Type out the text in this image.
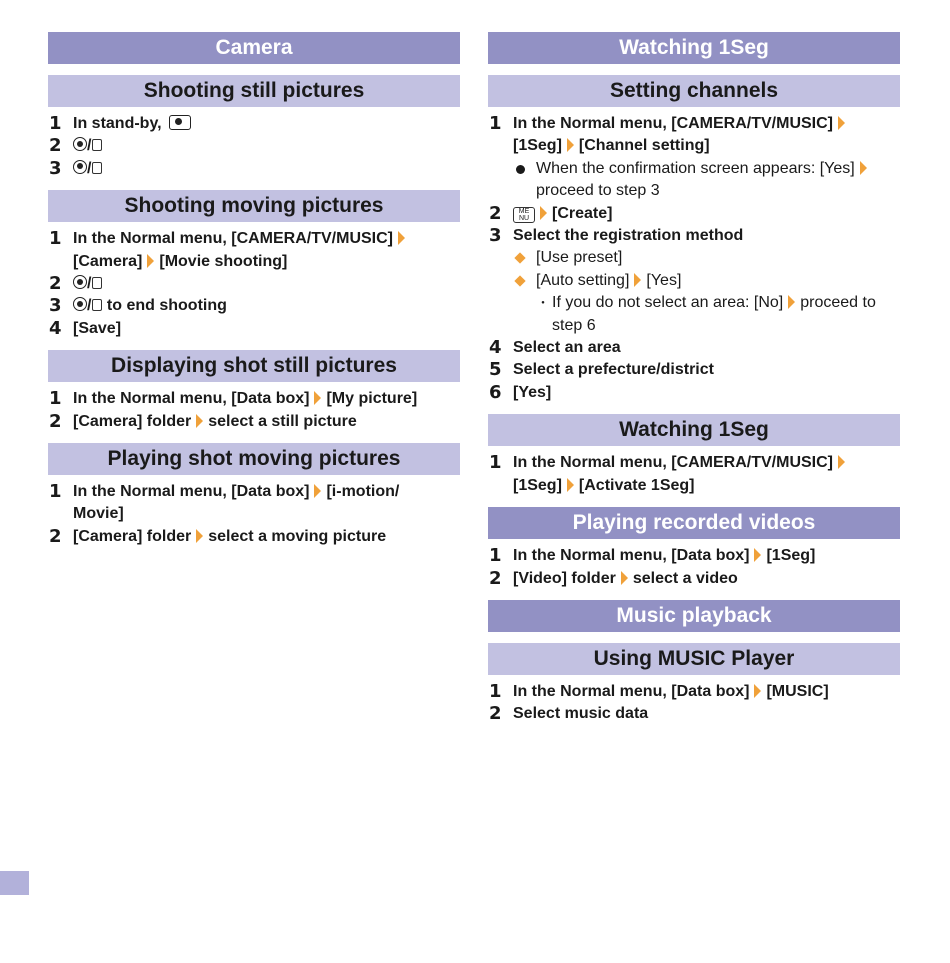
Camera
Shooting still pictures
1 In stand-by,
2 /
3 /
Shooting moving pictures
1 In the Normal menu, [CAMERA/TV/MUSIC]
[Camera] [Movie shooting]
2 /
3 / to end shooting
4 [Save]
Displaying shot still pictures
1 In the Normal menu, [Data box] [My picture]
2 [Camera] folder select a still picture
Playing shot moving pictures
1 In the Normal menu, [Data box] [i-motion/
Movie]
2 [Camera] folder select a moving picture
Watching 1Seg
Setting channels
1 In the Normal menu, [CAMERA/TV/MUSIC]
[1Seg] [Channel setting]
When the confirmation screen appears: [Yes]
proceed to step 3
2 ME
NU [Create]
3 Select the registration method
[Use preset]
[Auto setting] [Yes]
・ If you do not select an area: [No] proceed to
step 6
4 Select an area
5 Select a prefecture/district
6 [Yes]
Watching 1Seg
1 In the Normal menu, [CAMERA/TV/MUSIC]
[1Seg] [Activate 1Seg]
Playing recorded videos
1 In the Normal menu, [Data box] [1Seg]
2 [Video] folder select a video
Music playback
Using MUSIC Player
1 In the Normal menu, [Data box] [MUSIC]
2 Select music data
